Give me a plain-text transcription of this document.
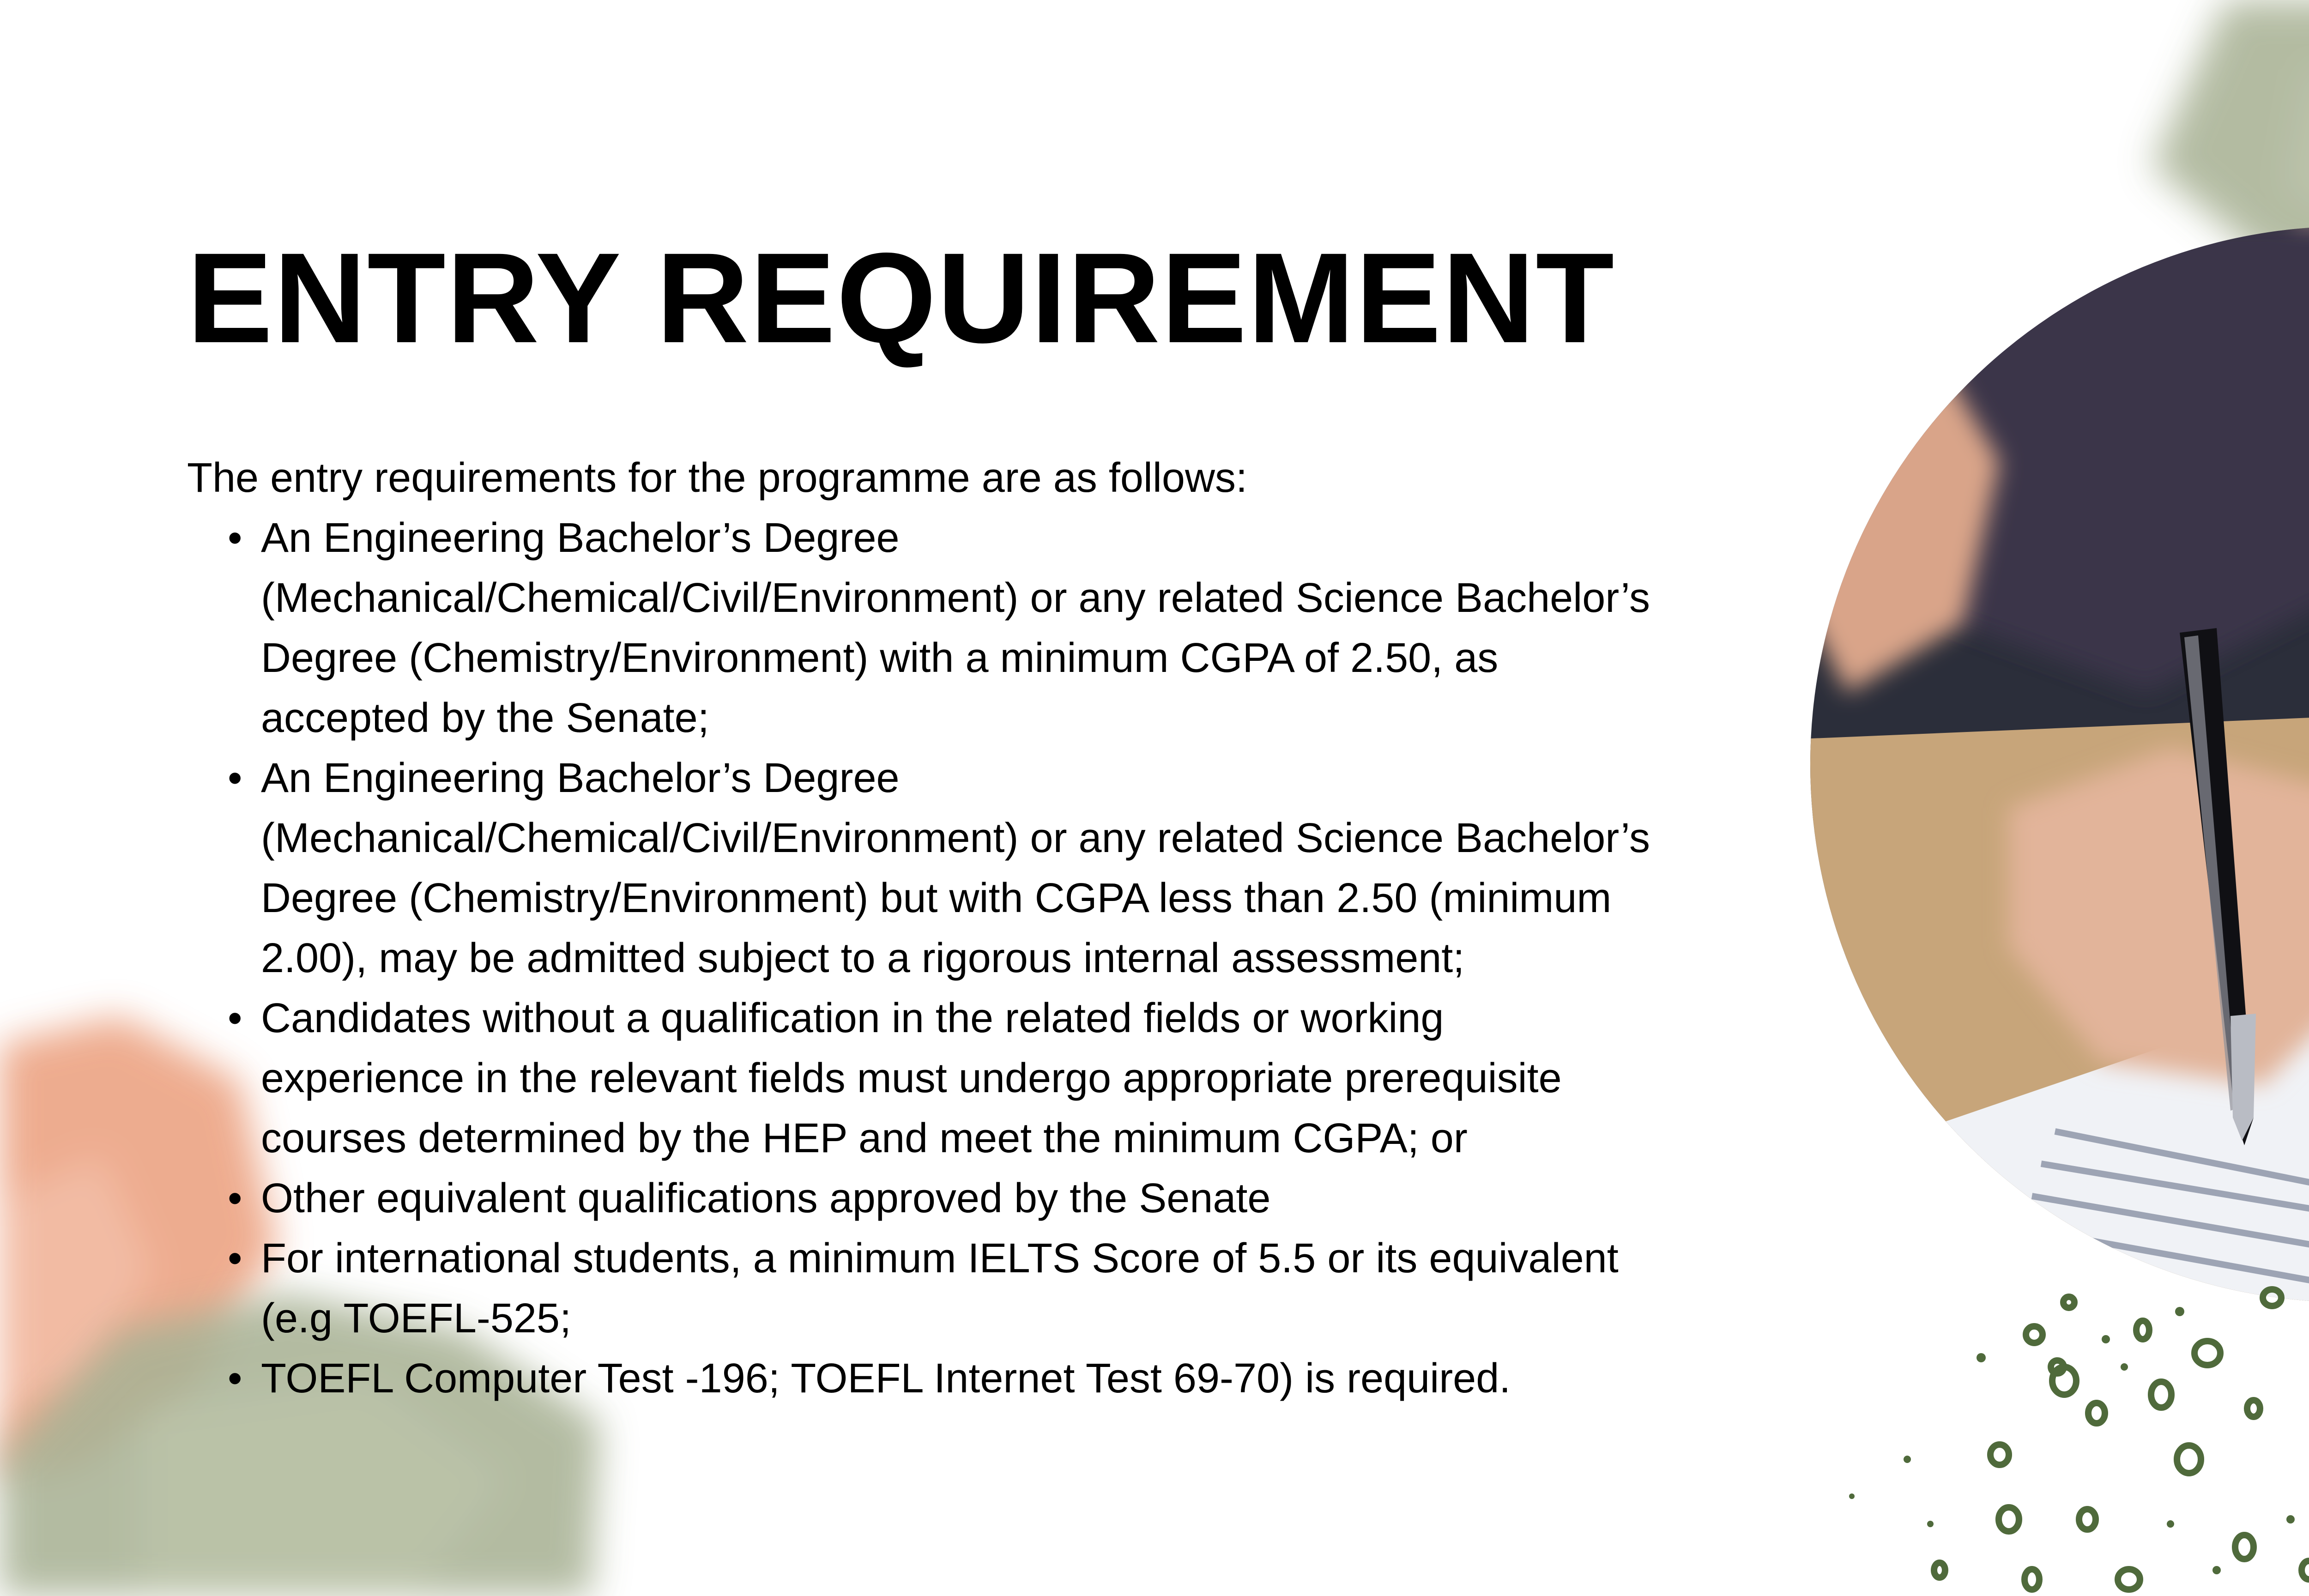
ENTRY REQUIREMENT

The entry requirements for the programme are as follows:

• An Engineering Bachelor’s Degree
(Mechanical/Chemical/Civil/Environment) or any related Science Bachelor’s
Degree (Chemistry/Environment) with a minimum CGPA of 2.50, as
accepted by the Senate;
• An Engineering Bachelor’s Degree
(Mechanical/Chemical/Civil/Environment) or any related Science Bachelor’s
Degree (Chemistry/Environment) but with CGPA less than 2.50 (minimum
2.00), may be admitted subject to a rigorous internal assessment;
• Candidates without a qualification in the related fields or working
experience in the relevant fields must undergo appropriate prerequisite
courses determined by the HEP and meet the minimum CGPA; or
• Other equivalent qualifications approved by the Senate
• For international students, a minimum IELTS Score of 5.5 or its equivalent
(e.g TOEFL-525;
• TOEFL Computer Test -196; TOEFL Internet Test 69-70) is required.
